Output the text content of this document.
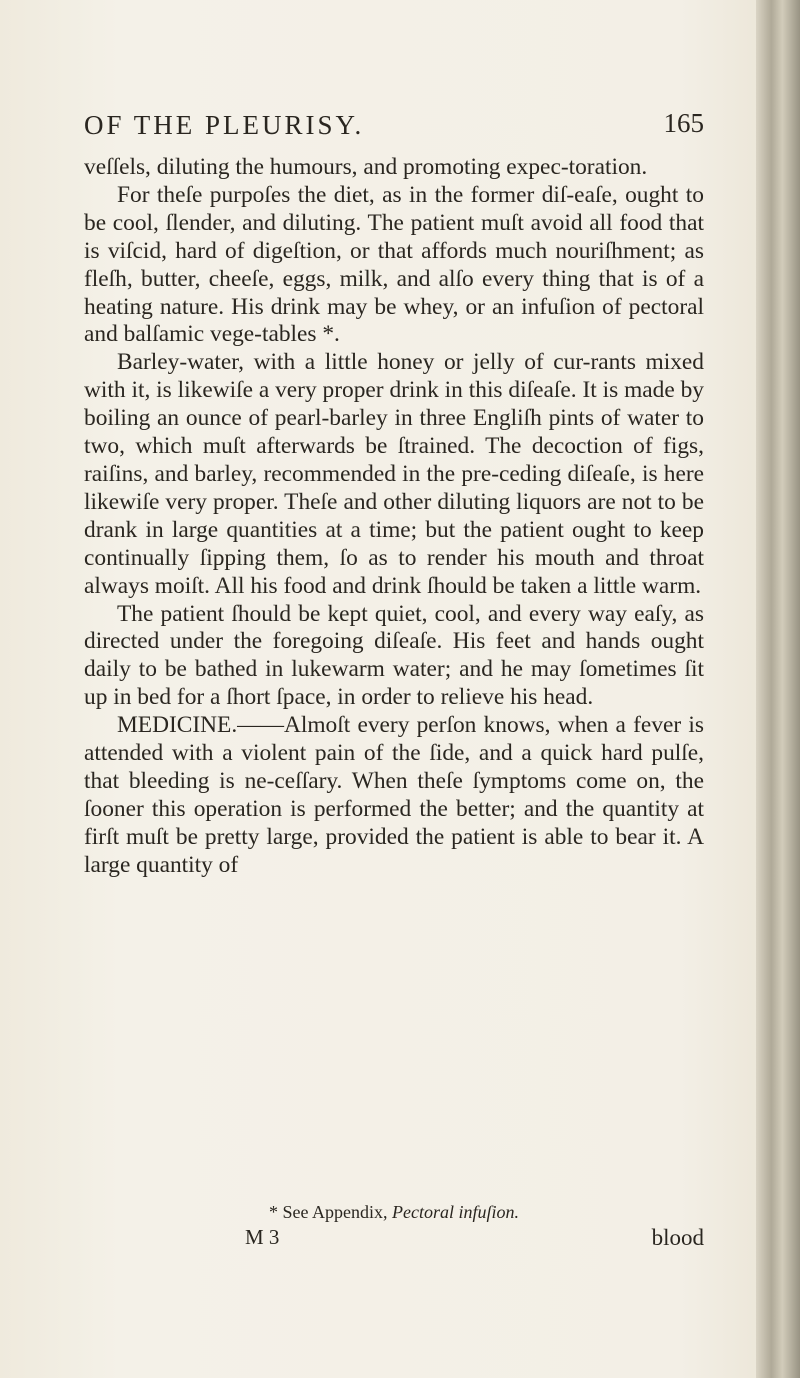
OF THE PLEURISY.	165

veſſels, diluting the humours, and promoting expec-toration.

For theſe purpoſes the diet, as in the former diſ-eaſe, ought to be cool, ſlender, and diluting. The patient muſt avoid all food that is viſcid, hard of digeſtion, or that affords much nouriſhment; as fleſh, butter, cheeſe, eggs, milk, and alſo every thing that is of a heating nature. His drink may be whey, or an infuſion of pectoral and balſamic vege-tables *.

Barley-water, with a little honey or jelly of cur-rants mixed with it, is likewiſe a very proper drink in this diſeaſe. It is made by boiling an ounce of pearl-barley in three Engliſh pints of water to two, which muſt afterwards be ſtrained. The decoction of figs, raiſins, and barley, recommended in the pre-ceding diſeaſe, is here likewiſe very proper. Theſe and other diluting liquors are not to be drank in large quantities at a time; but the patient ought to keep continually ſipping them, ſo as to render his mouth and throat always moiſt. All his food and drink ſhould be taken a little warm.

The patient ſhould be kept quiet, cool, and every way eaſy, as directed under the foregoing diſeaſe. His feet and hands ought daily to be bathed in lukewarm water; and he may ſometimes ſit up in bed for a ſhort ſpace, in order to relieve his head.

MEDICINE.——Almoſt every perſon knows, when a fever is attended with a violent pain of the ſide, and a quick hard pulſe, that bleeding is ne-ceſſary. When theſe ſymptoms come on, the ſooner this operation is performed the better; and the quantity at firſt muſt be pretty large, provided the patient is able to bear it. A large quantity of

* See Appendix, Pectoral infuſion.
M 3	blood
